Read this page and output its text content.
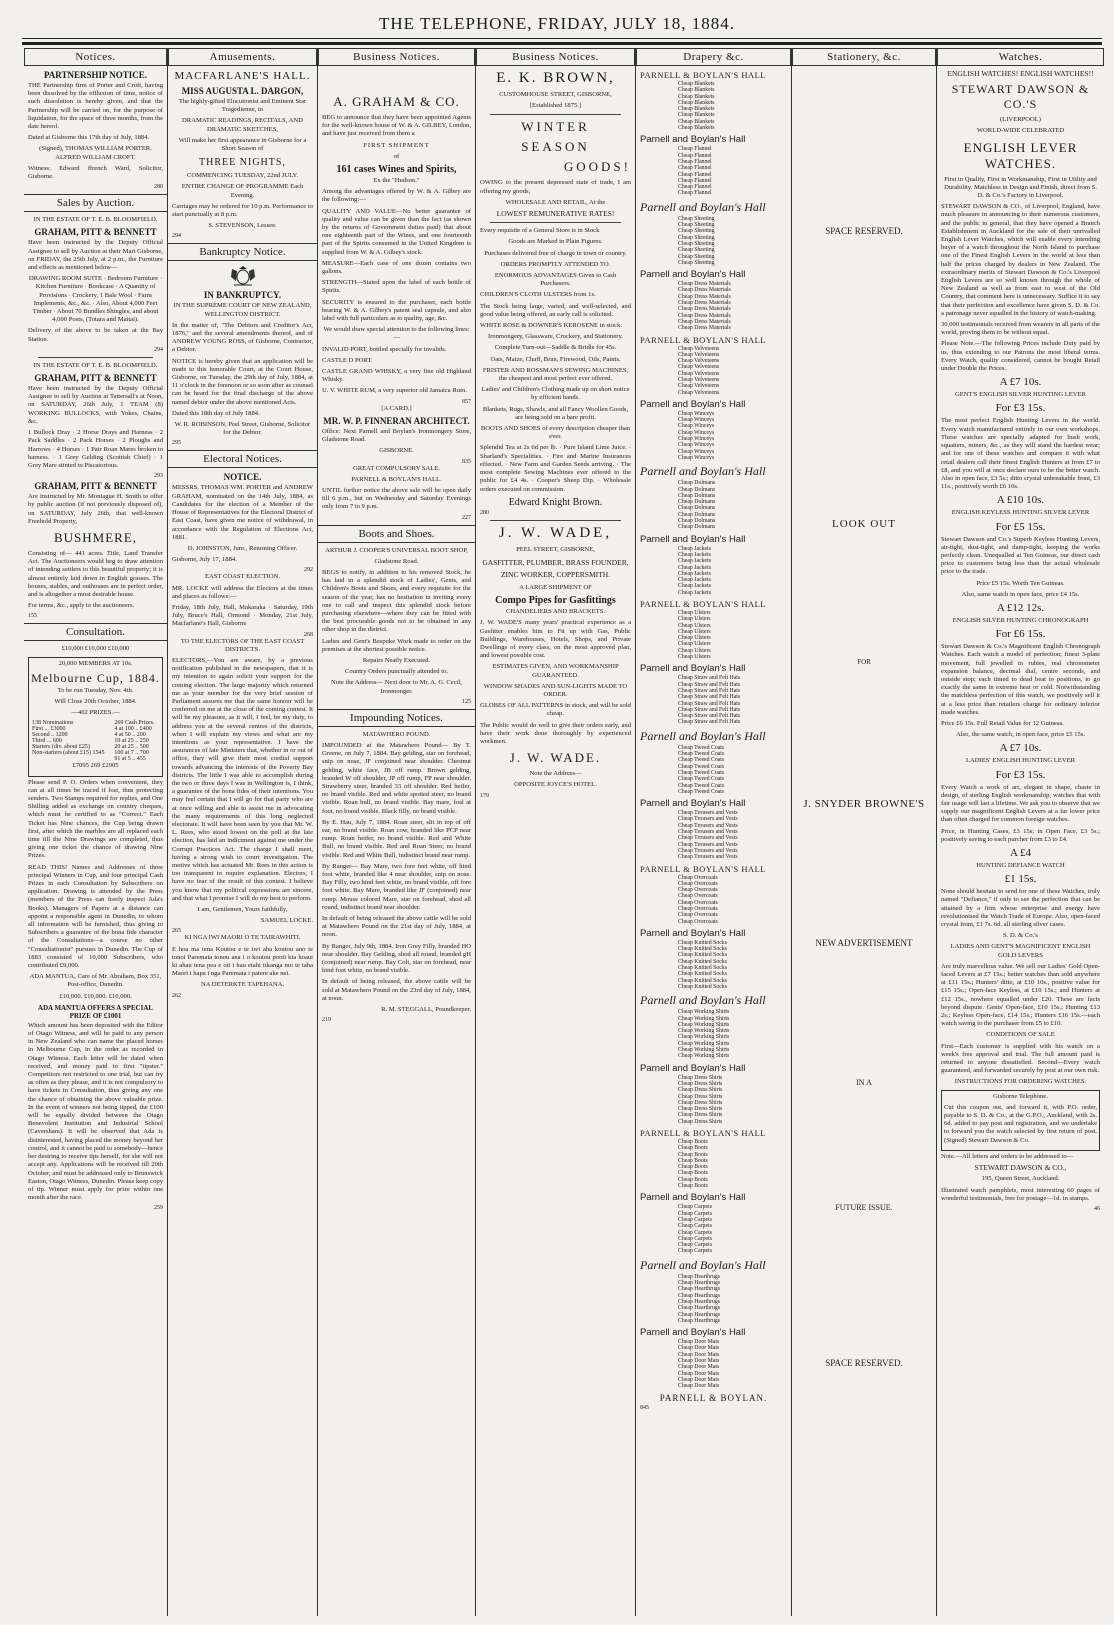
THE TELEPHONE, FRIDAY, JULY 18, 1884.
Notices.
PARTNERSHIP NOTICE.

THE Partnership firm of Porter and Croft, having been dissolved by the effluxion of time, notice of such dissolution is hereby given, and that the Partnership will be carried on, for the purpose of liquidation, for the space of three months, from the date hereof.

Dated at Gisborne this 17th day of July, 1884.

(Signed), THOMAS WILLIAM PORTER. ALFRED WILLIAM CROFT.

Witness: Edward ffrench Ward, Solicitor, Gisborne.

280
Sales by Auction.
IN THE ESTATE OF T. E. B. BLOOMFIELD.
GRAHAM, PITT & BENNETT

Have been instructed by the Deputy Official Assignee to sell by Auction at their Mart Gisborne, on FRIDAY, the 25th July, at 2 p.m., the Furniture and effects as mentioned below—

DRAWING ROOM SUITE · Bedroom Furniture · Kitchen Furniture · Bookcase · A Quantity of Provisions · Crockery, 1 Bale Wool · Farm Implements, &c., &c. · Also, About 4,000 Feet Timber · About 70 Bundles Shingles, and about 4,000 Posts, (Totara and Maitai).

Delivery of the above to be taken at the Bay Station.

294
IN THE ESTATE OF T. E. B. BLOOMFIELD.
GRAHAM, PITT & BENNETT

Have been instructed by the Deputy Official Assignee to sell by Auction at Tattersall's at Noon, on SATURDAY, 26th July, 1 TEAM (8) WORKING BULLOCKS, with Yokes, Chains, &c.

1 Bullock Dray · 2 Horse Drays and Harness · 2 Pack Saddles · 2 Pack Horses · 2 Ploughs and Harrows · 4 Horses · 1 Pair Roan Mares broken to harness. · 1 Grey Gelding (Scottish Chief) · 1 Grey Mare stinted to Piscatorious.

293
GRAHAM, PITT & BENNETT

Are instructed by Mr. Montague H. Smith to offer by public auction (if not previously disposed of), on SATURDAY, July 26th, that well-known Freehold Property,

BUSHMERE,

Consisting of— 441 acres. Title, Land Transfer Act. The Auctioneers would beg to draw attention of intending settlers to this beautiful property; it is almost entirely laid down in English grasses. The houses, stables, and outhouses are in perfect order, and is altogether a most desirable house.

For terms, &c., apply to the auctioneers.

155
Consultation.
£10,000 £10,000 £10,000
20,000 MEMBERS AT 10s.
Melbourne Cup, 1884.
To be run Tuesday, Nov. 4th.
Will Close 20th October, 1884.
—402 PRIZES.—
138 Nominations	269 Cash Prizes.
First ... £3000	4 at 100 .. £400
Second .. 1200	4 at 50 .. 200
Third ... 600	10 at 25 .. 250
Starters (div. about £25)	20 at 25 .. 500
Non-starters (about £15) 1545	100 at 7 .. 700
	91 at 5 .. 455
£7095 269 £2905

Please send P. O. Orders when convenient, they can at all times be traced if lost, thus protecting senders. Two Stamps required for replies, and One Shilling added as exchange on country cheques, which must be certified to as "Correct." Each Ticket has Nine chances, the Cup being drawn first, after which the marbles are all replaced each time till the Nine Drawings are completed, thus giving one ticket the chance of drawing Nine Prizes.

READ THIS! Names and Addresses of three principal Winners in Cup, and four principal Cash Prizes in each Consultation by Subscribers on application. Drawing is attended by the Press (members of the Press can freely inspect Ada's Books). Managers of Papers at a distance can appoint a responsible agent in Dunedin, to whom all information will be furnished, thus giving to Subscribers a guarantee of the bona fide character of the Consultations—a course no other "Consultationist" pursues in Dunedin. The Cup of 1883 consisted of 10,000 Subscribers, who contributed £9,000.

ADA MANTUA, Care of Mr. Abraham, Box 351, Post-office, Dunedin.

£10,000. £10,000. £10,000.
ADA MANTUA OFFERS A SPECIAL PRIZE OF £1001

Which amount has been deposited with the Editor of Otago Witness, and will be paid to any person in New Zealand who can name the placed horses in Melbourne Cup, in the order as recorded in Otago Witness. Each letter will be dated when received, and money paid to first "tipster." Competitors not restricted to one trial, but can try as often as they please, and it is not compulsory to have tickets in Consultation, thus giving any one the chance of obtaining the above valuable prize. In the event of winners not being tipped, the £100 will be equally divided between the Otago Benevolent Institution and Industrial School (Caversham). It will be observed that Ada is disinterested, having placed the money beyond her control, and it cannot be paid to somebody—hence her desiring to receive tips herself, for she will not accept any. Applications will be received till 20th October, and must be addressed only to Brunswick Easton, Otago Witness, Dunedin. Please keep copy of tip. Winner must apply for prize within one month after the race.

259
Amusements.
MACFARLANE'S HALL.
MISS AUGUSTA L. DARGON,

The highly-gifted Elocutionist and Eminent Star Tragedienne, in

DRAMATIC READINGS, RECITALS, AND DRAMATIC SKETCHES,

Will make her first appearance in Gisborne for a Short Season of

THREE NIGHTS,
COMMENCING TUESDAY, 22nd JULY.
ENTIRE CHANGE OF PROGRAMME Each Evening.

Carriages may be ordered for 10 p.m. Performance to start punctually at 8 p.m.

S. STEVENSON, Lessee.
294
Bankruptcy Notice.
IN BANKRUPTCY.

IN THE SUPREME COURT OF NEW ZEALAND, WELLINGTON DISTRICT.

In the matter of, "The Debtors and Creditor's Act, 1876," and the several amendments thereof, and of ANDREW YOUNG ROSS, of Gisborne, Contractor, a Debtor.

NOTICE is hereby given that an application will be made to this honorable Court, at the Court House, Gisborne, on Tuesday, the 29th day of July, 1884, at 11 o'clock in the forenoon or so soon after as counsel can be heard for the final discharge of the above named debtor under the above mentioned Acts.

Dated this 18th day of July 1884.

W. R. ROBINSON, Peel Street, Gisborne, Solicitor for the Debtor.

295
Electoral Notices.
NOTICE.

MESSRS. THOMAS WM. PORTER and ANDREW GRAHAM, nominated on the 14th July, 1884, as Candidates for the election of a Member of the House of Representatives for the Electoral District of East Coast, have given me notice of withdrawal, in accordance with the Regulation of Elections Act, 1881.

D. JOHNSTON, Junr., Returning Officer.

Gisborne, July 17, 1884.

292
EAST COAST ELECTION.

MR. LOCKE will address the Electors at the times and places as follows:—

Friday, 18th July, Hall, Makaraka · Saturday, 19th July, Bruce's Hall, Ormond · Monday, 21st July, Macfarlane's Hall, Gisborne

268
TO THE ELECTORS OF THE EAST COAST DISTRICTS.

ELECTORS,—You are aware, by a previous notification published in the newspapers, that it is my intention to again solicit your support for the coming election. The large majority which returned me as your member for the very brief session of Parliament assures me that the same honour will be conferred on me at the close of the coming contest. It will be my pleasure, as it will, I feel, be my duty, to address you at the several centres of the districts, when I will explain my views and what are my intentions as your representative. I have the assurances of late Ministers that, whether in or out of office, they will give their most cordial support towards advancing the interests of the Poverty Bay districts. The little I was able to accomplish during the two or three days I was in Wellington is, I think, a guarantee of the bona fides of their intentions. You may feel certain that I will go for that party who are at once willing and able to assist me in advocating the many requirements of this long neglected electorate. It will have been seen by you that Mr. W. L. Rees, who stood lowest on the poll at the late election, has laid an indictment against me under the Corrupt Practices Act. The charge I shall meet, having a strong wish to court investigation. The motive which has actuated Mr. Rees in this action is too transparent to require explanation. Electors, I have no fear of the result of this contest. I believe you know that my political expressions are sincere, and that what I promise I will do my best to perform.

I am, Gentlemen, Yours faithfully,

SAMUEL LOCKE.

265
KI NGA IWI MAORI O TE TAIRAWHITI.

E hoa ma tena Koutou e te iwi aha koutou ano te tonoi Paremata tonou ana i o koutou pooti kia hoaui ki ahau tena pea e oti i hau etahi tikanga mo te taha Maori i hapa i nga Paremata i patere ake nei.

NA DETERKTE TAPEHANA.

262
Business Notices.
A. GRAHAM & CO.

BEG to announce that they have been appointed Agents for the well-known house of W. & A. GILBEY, London, and have just received from them a

FIRST SHIPMENT
of
161 cases Wines and Spirits,
Ex the "Hudson."

Among the advantages offered by W. & A. Gilbey are the following:—

QUALITY AND VALUE—No better guarantee of quality and value can be given than the fact (as shown by the returns of Government duties paid) that about one eighteenth part of the Wines, and one fourteenth part of the Spirits consumed in the United Kingdom is supplied from W. & A. Gilbey's stock.

MEASURE—Each case of one dozen contains two gallons.

STRENGTH—Stated upon the label of each bottle of Spirits.

SECURITY is ensured to the purchaser, each bottle bearing W. & A. Gilbey's patent seal capsule, and also label with full particulars as to quality, age, &c.

We would draw special attention to the following lines:—

INVALID PORT, bottled specially for invalids.

CASTLE D PORT.

CASTLE GRAND WHISKY, a very fine old Highland Whisky.

U. V. WHITE RUM, a very superior old Jamaica Rum.

857
[A CARD.]
MR. W. P. FINNERAN ARCHITECT.

Office: Next Parnell and Boylan's Ironmongery Store, Gladstone Road.

GISBORNE.
835
GREAT COMPULSORY SALE.
PARNELL & BOYLAN'S HALL.

UNTIL further notice the above sale will be open daily till 6 p.m., but on Wednesday and Saturday Evenings only from 7 to 9 p.m.

227
Boots and Shoes.
ARTHUR J. COOPER'S UNIVERSAL BOOT SHOP,
Gladstone Road.

BEGS to notify, in addition to his removed Stock, he has laid in a splendid stock of Ladies', Gents, and Children's Boots and Shoes, and every requisite for the season of the year, has no hesitation in inviting every one to call and inspect this splendid stock before purchasing elsewhere—where they can be fitted with the best procurable goods not to be obtained in any other shop in the district.

Ladies and Gent's Bespoke Work made to order on the premises at the shortest possible notice.

Repairs Neatly Executed.
Country Orders punctually attended to.

Note the Address— Next door to Mr. A. G. Cecil, Ironmonger.

125
Impounding Notices.
MATAWHERO POUND.

IMPOUNDED at the Matawhero Pound— By T. Greene, on July 7, 1884. Bay gelding, star on forehead, snip on nose, JF conjoined near shoulder. Chestnut gelding, white face, JB off rump. Brown gelding, branded W off shoulder, JP off rump, FP near shoulder. Strawberry steer, branded 33 off shoulder. Red heifer, no brand visible. Red and white spotted steer, no brand visible. Roan bull, no brand visible. Bay mare, foal at foot, no brand visible. Black filly, no brand visible.

By E. Hau, July 7, 1884. Roan steer, slit in top of off ear, no brand visible. Roan cow, branded like PCP near rump. Roan heifer, no brand visible. Red and White Bull, no brand visible. Red and Roan Steer, no brand visible. Red and White Bull, indistinct brand near rump.

By Ranger— Bay Mare, two fore feet white, off hind foot white, branded like 4 near shoulder, snip on nose. Bay Filly, two hind feet white, no brand visible, off fore foot white. Bay Mare, branded like JF (conjoined) near rump. Mouse colored Mare, star on forehead, shod all round, indistinct brand near shoulder.

In default of being released the above cattle will be sold at Matawhero Pound on the 21st day of July, 1884, at noon.

By Ranger, July 9th, 1884. Iron Grey Filly, branded HO near shoulder. Bay Gelding, shod all round, branded gH (conjoined) near rump. Bay Colt, star on forehead, near hind foot white, no brand visible.

In default of being released, the above cattle will be sold at Matawhero Pound on the 23rd day of July, 1884, at noon.

R. M. STEGGALL, Poundkeeper.

219
Business Notices.
E. K. BROWN,
CUSTOMHOUSE STREET, GISBORNE,
[Established 1875.]
WINTER
SEASON
GOODS!

OWING to the present depressed state of trade, I am offering my goods,

WHOLESALE AND RETAIL, At the
LOWEST REMUNERATIVE RATES!

Every requisite of a General Store is in Stock

Goods are Marked in Plain Figures.

Purchases delivered free of charge in town or country.

ORDERS PROMPTLY ATTENDED TO.

ENORMOUS ADVANTAGES Given to Cash Purchasers.

CHILDREN'S CLOTH ULSTERS from 1s.

The Stock being large, varied, and well-selected, and good value being offered, an early call is solicited.

WHITE ROSE & DOWNER'S KEROSENE in stock.

Ironmongery, Glassware, Crockery, and Stationery.

Complete Turn-out—Saddle & Bridle for 45s.

Oats, Maize, Chaff, Bran, Firewood, Oils, Paints.

FRISTER AND ROSSMAN'S SEWING MACHINES, the cheapest and most perfect ever offered.

Ladies' and Children's Clothing made up on short notice by efficient hands.

Blankets, Rugs, Shawls, and all Fancy Woollen Goods, are being sold on a bare profit.

BOOTS AND SHOES of every description cheaper than ever.

Splendid Tea at 2s 6d per lb. · Pure Island Lime Juice. · Sharland's Specialities. · Fire and Marine Insurances effected. · New Farm and Garden Seeds arriving. · The most complete Sewing Machines ever offered to the public for £4 4s. · Cooper's Sheep Dip. · Wholesale orders executed on commission.

Edward Knight Brown.
280
J. W. WADE,
PEEL STREET, GISBORNE,
GASFITTER, PLUMBER, BRASS FOUNDER, ZINC WORKER, COPPERSMITH.
A LARGE SHIPMENT OF
Compo Pipes for Gasfittings
CHANDELIERS AND BRACKETS.

J. W. WADE'S many years' practical experience as a Gasfitter enables him to Fit up with Gas, Public Buildings, Warehouses, Hotels, Shops, and Private Dwellings of every class, on the most approved plan, and lowest possible cost.

ESTIMATES GIVEN, AND WORKMANSHIP GUARANTEED.

WINDOW SHADES AND SUN-LIGHTS MADE TO ORDER.

GLOBES OF ALL PATTERNS in stock, and will be sold cheap.

The Public would do well to give their orders early, and have their work done thoroughly by experienced workmen.

J. W. WADE.

Note the Address—

OPPOSITE JOYCE'S HOTEL.

179
Drapery &c.
PARNELL & BOYLAN'S HALL
Cheap Blankets
Cheap Blankets
Cheap Blankets
Cheap Blankets
Cheap Blankets
Cheap Blankets
Cheap Blankets
Cheap Blankets
Parnell and Boylan's Hall
Cheap Flannel
Cheap Flannel
Cheap Flannel
Cheap Flannel
Cheap Flannel
Cheap Flannel
Cheap Flannel
Cheap Flannel
Parnell and Boylan's Hall
Cheap Sheeting
Cheap Sheeting
Cheap Sheeting
Cheap Sheeting
Cheap Sheeting
Cheap Sheeting
Cheap Sheeting
Cheap Sheeting
Parnell and Boylan's Hall
Cheap Dress Materials
Cheap Dress Materials
Cheap Dress Materials
Cheap Dress Materials
Cheap Dress Materials
Cheap Dress Materials
Cheap Dress Materials
Cheap Dress Materials
PARNELL & BOYLAN'S HALL
Cheap Velveteens
Cheap Velveteens
Cheap Velveteens
Cheap Velveteens
Cheap Velveteens
Cheap Velveteens
Cheap Velveteens
Cheap Velveteens
Parnell and Boylan's Hall
Cheap Winceys
Cheap Winceys
Cheap Winceys
Cheap Winceys
Cheap Winceys
Cheap Winceys
Cheap Winceys
Cheap Winceys
Parnell and Boylan's Hall
Cheap Dolmans
Cheap Dolmans
Cheap Dolmans
Cheap Dolmans
Cheap Dolmans
Cheap Dolmans
Cheap Dolmans
Cheap Dolmans
Parnell and Boylan's Hall
Cheap Jackets
Cheap Jackets
Cheap Jackets
Cheap Jackets
Cheap Jackets
Cheap Jackets
Cheap Jackets
Cheap Jackets
PARNELL & BOYLAN'S HALL
Cheap Ulsters
Cheap Ulsters
Cheap Ulsters
Cheap Ulsters
Cheap Ulsters
Cheap Ulsters
Cheap Ulsters
Cheap Ulsters
Parnell and Boylan's Hall
Cheap Straw and Felt Hats
Cheap Straw and Felt Hats
Cheap Straw and Felt Hats
Cheap Straw and Felt Hats
Cheap Straw and Felt Hats
Cheap Straw and Felt Hats
Cheap Straw and Felt Hats
Cheap Straw and Felt Hats
Parnell and Boylan's Hall
Cheap Tweed Coats
Cheap Tweed Coats
Cheap Tweed Coats
Cheap Tweed Coats
Cheap Tweed Coats
Cheap Tweed Coats
Cheap Tweed Coats
Cheap Tweed Coats
Parnell and Boylan's Hall
Cheap Trousers and Vests
Cheap Trousers and Vests
Cheap Trousers and Vests
Cheap Trousers and Vests
Cheap Trousers and Vests
Cheap Trousers and Vests
Cheap Trousers and Vests
Cheap Trousers and Vests
PARNELL & BOYLAN'S HALL
Cheap Overcoats
Cheap Overcoats
Cheap Overcoats
Cheap Overcoats
Cheap Overcoats
Cheap Overcoats
Cheap Overcoats
Cheap Overcoats
Parnell and Boylan's Hall
Cheap Knitted Socks
Cheap Knitted Socks
Cheap Knitted Socks
Cheap Knitted Socks
Cheap Knitted Socks
Cheap Knitted Socks
Cheap Knitted Socks
Cheap Knitted Socks
Parnell and Boylan's Hall
Cheap Working Shirts
Cheap Working Shirts
Cheap Working Shirts
Cheap Working Shirts
Cheap Working Shirts
Cheap Working Shirts
Cheap Working Shirts
Cheap Working Shirts
Parnell and Boylan's Hall
Cheap Dress Shirts
Cheap Dress Shirts
Cheap Dress Shirts
Cheap Dress Shirts
Cheap Dress Shirts
Cheap Dress Shirts
Cheap Dress Shirts
Cheap Dress Shirts
PARNELL & BOYLAN'S HALL
Cheap Boots
Cheap Boots
Cheap Boots
Cheap Boots
Cheap Boots
Cheap Boots
Cheap Boots
Cheap Boots
Parnell and Boylan's Hall
Cheap Carpets
Cheap Carpets
Cheap Carpets
Cheap Carpets
Cheap Carpets
Cheap Carpets
Cheap Carpets
Cheap Carpets
Parnell and Boylan's Hall
Cheap Hearthrugs
Cheap Hearthrugs
Cheap Hearthrugs
Cheap Hearthrugs
Cheap Hearthrugs
Cheap Hearthrugs
Cheap Hearthrugs
Cheap Hearthrugs
Parnell and Boylan's Hall
Cheap Door Mats
Cheap Door Mats
Cheap Door Mats
Cheap Door Mats
Cheap Door Mats
Cheap Door Mats
Cheap Door Mats
Cheap Door Mats
PARNELL & BOYLAN.
845
Stationery, &c.
SPACE RESERVED.
LOOK OUT
FOR
J. SNYDER BROWNE'S
NEW ADVERTISEMENT
IN A
FUTURE ISSUE.
SPACE RESERVED.
Watches.

ENGLISH WATCHES! ENGLISH WATCHES!!

STEWART DAWSON & CO.'S
(LIVERPOOL)
WORLD-WIDE CELEBRATED
ENGLISH LEVER WATCHES.

First in Quality, First in Workmanship, First in Utility and Durability. Matchless in Design and Finish, direct from S. D. & Co.'s Factory in Liverpool.

STEWART DAWSON & CO., of Liverpool, England, have much pleasure in announcing to their numerous customers, and the public in general, that they have opened a Branch Establishment in Auckland for the sale of their unrivalled English Lever Watches, which will enable every intending buyer of a watch throughout the North Island to purchase one of the Finest English Levers in the world at less than half the prices charged by dealers in New Zealand. The extraordinary merits of Stewart Dawson & Co.'s Liverpool English Levers are so well known through the whole of New Zealand as well as from east to west of the Old Country, that comment here is unnecessary. Suffice it to say that their perfection and excellence have given S. D. & Co. a patronage never equalled in the history of watch-making.

30,000 testimonials received from wearers in all parts of the world, proving them to be without equal.

Please Note.—The following Prices include Duty paid by us, thus extending to our Patrons the most liberal terms. Every Watch, quality considered, cannot be bought Retail under Double the Prices.

A £7 10s.
GENT'S ENGLISH SILVER HUNTING LEVER
For £3 15s.

The most perfect English Hunting Levers in the world. Every watch manufactured entirely in our own workshops. These watches are specially adapted for bush work, squatters, miners, &c., as they will stand the hardest wear; and for one of these watches and compare it with what retail dealers call their finest English Hunters at from £7 to £8, and you will at once declare ours to be the better watch. Also in open face, £3 5s.; ditto crystal unbreakable front, £3 11s., positively worth £6 10s.

A £10 10s.
ENGLISH KEYLESS HUNTING SILVER LEVER
For £5 15s.

Stewart Dawson and Co.'s Superb Keyless Hunting Levers, air-tight, dust-tight, and damp-tight, keeping the works perfectly clean. Unequalled at Ten Guineas, our direct cash price to customers being less than the actual wholesale price to the trade.

Price £5 15s. Worth Ten Guineas.

Also, same watch in open face, price £4 15s.

A £12 12s.
ENGLISH SILVER HUNTING CHRONOGRAPH
For £6 15s.

Stewart Dawson & Co.'s Magnificent English Chronograph Watches. Each watch a model of perfection; finest 3-plate movement, full jewelled in rubies, real chronometer expansion balance, decimal dial, centre seconds, and outside stop; each timed to dead beat to positions, to go exactly the same in extreme heat or cold. Notwithstanding the matchless perfection of this watch, we positively sell it at a less price than retailers charge for ordinary inferior made watches.

Price £6 15s. Full Retail Value for 12 Guineas.

Also, the same watch, in open face, price £5 15s.

A £7 10s.
LADIES' ENGLISH HUNTING LEVER
For £3 15s.

Every Watch a work of art, elegant in shape, chaste in design, of sterling English workmanship, watches that with fair usage will last a lifetime. We ask you to observe that we supply our magnificent English Levers at a far lower price than often charged for common foreign watches.

Price, in Hunting Cases, £3 15s; in Open Face, £3 5s.; positively saving to each purcher from £3 to £4.

A £4
HUNTING DEFIANCE WATCH
£1 15s.

None should hesitate to send for one of these Watches, truly named "Defiance," if only to see the perfection that can be attained by a firm whose enterprise and energy have revolutionised the Watch Trade of Europe. Also, open-faced crystal front, £1 7s. 6d. all sterling silver cases.

S. D. & Co.'s
LADIES AND GENT'S MAGNIFICENT ENGLISH GOLD LEVERS

Are truly marvellous value. We sell our Ladies' Gold Open-faced Levers at £7 15s.; better watches than sold anywhere at £11 15s.; Hunters' ditto, at £10 10s., positive value for £15 15s.; Open-face Keyless, at £10 15s.; and Hunters at £12 15s., nowhere equalled under £20. These are facts beyond dispute. Gents' Open-face, £10 15s.; Hunting £13 2s.; Keyless Open-face, £14 15s.; Hunters £16 15s.—each watch saving to the purchaser from £5 to £10.

CONDITIONS OF SALE

First—Each customer is supplied with his watch on a week's free approval and trial. The full amount paid is returned to anyone dissatisfied. Second—Every watch guaranteed, and forwarded securely by post at our own risk.

INSTRUCTIONS FOR ORDERING WATCHES.
Gisborne Telephone.

Cut this coupon out, and forward it, with P.O. order, payable to S. D. & Co., at the G.P.O., Auckland, with 2s. 6d. added to pay post and registration, and we undertake to forward you the watch selected by first return of post. (Signed) Stewart Dawson & Co.

Note.—All letters and orders to be addressed to—

STEWART DAWSON & CO.,
195, Queen Street, Auckland.

Illustrated watch pamphlets, most interesting 60 pages of wonderful testimonials, free for postage—1d. in stamps.

46
